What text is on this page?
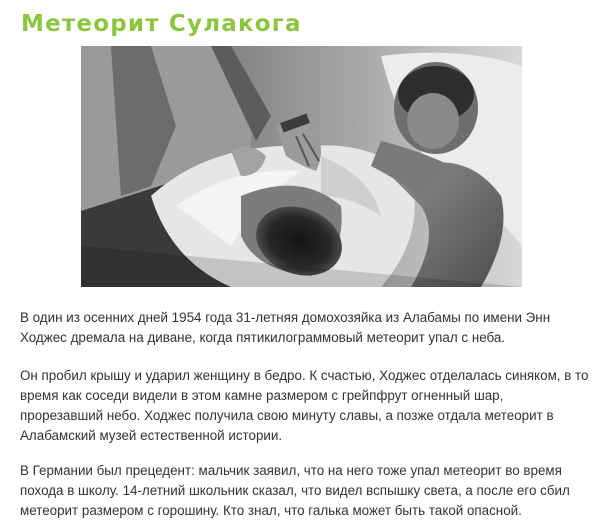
Метеорит Сулакога

В один из осенних дней 1954 года 31-летняя домохозяйка из Алабамы по имени Энн Ходжес дремала на диване, когда пятикилограммовый метеорит упал с неба.

Он пробил крышу и ударил женщину в бедро. К счастью, Ходжес отделалась синяком, в то время как соседи видели в этом камне размером с грейпфрут огненный шар, прорезавший небо. Ходжес получила свою минуту славы, а позже отдала метеорит в Алабамский музей естественной истории.

В Германии был прецедент: мальчик заявил, что на него тоже упал метеорит во время похода в школу. 14-летний школьник сказал, что видел вспышку света, а после его сбил метеорит размером с горошину. Кто знал, что галька может быть такой опасной.
